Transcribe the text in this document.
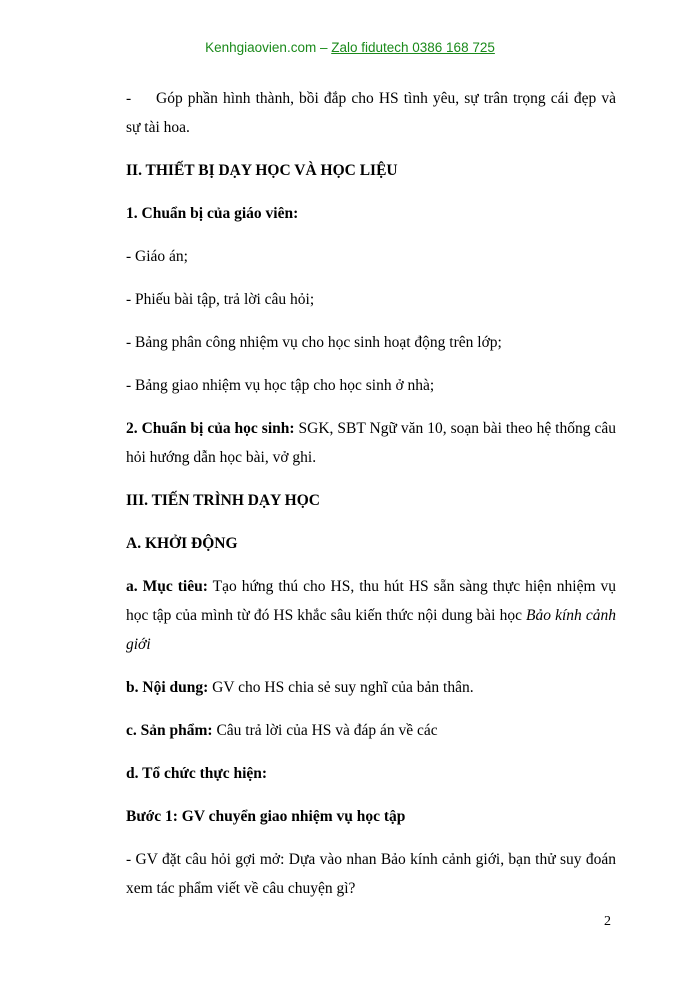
Kenhgiaovien.com – Zalo fidutech 0386 168 725

- Góp phần hình thành, bồi đắp cho HS tình yêu, sự trân trọng cái đẹp và sự tài hoa.

II. THIẾT BỊ DẠY HỌC VÀ HỌC LIỆU

1. Chuẩn bị của giáo viên:

- Giáo án;

- Phiếu bài tập, trả lời câu hỏi;

- Bảng phân công nhiệm vụ cho học sinh hoạt động trên lớp;

- Bảng giao nhiệm vụ học tập cho học sinh ở nhà;

2. Chuẩn bị của học sinh: SGK, SBT Ngữ văn 10, soạn bài theo hệ thống câu hỏi hướng dẫn học bài, vở ghi.

III. TIẾN TRÌNH DẠY HỌC

A. KHỞI ĐỘNG

a. Mục tiêu: Tạo hứng thú cho HS, thu hút HS sẵn sàng thực hiện nhiệm vụ học tập của mình từ đó HS khắc sâu kiến thức nội dung bài học Bảo kính cảnh giới

b. Nội dung: GV cho HS chia sẻ suy nghĩ của bản thân.

c. Sản phẩm: Câu trả lời của HS và đáp án về các

d. Tổ chức thực hiện:

Bước 1: GV chuyển giao nhiệm vụ học tập

- GV đặt câu hỏi gợi mở: Dựa vào nhan Bảo kính cảnh giới, bạn thử suy đoán xem tác phẩm viết về câu chuyện gì?

2
